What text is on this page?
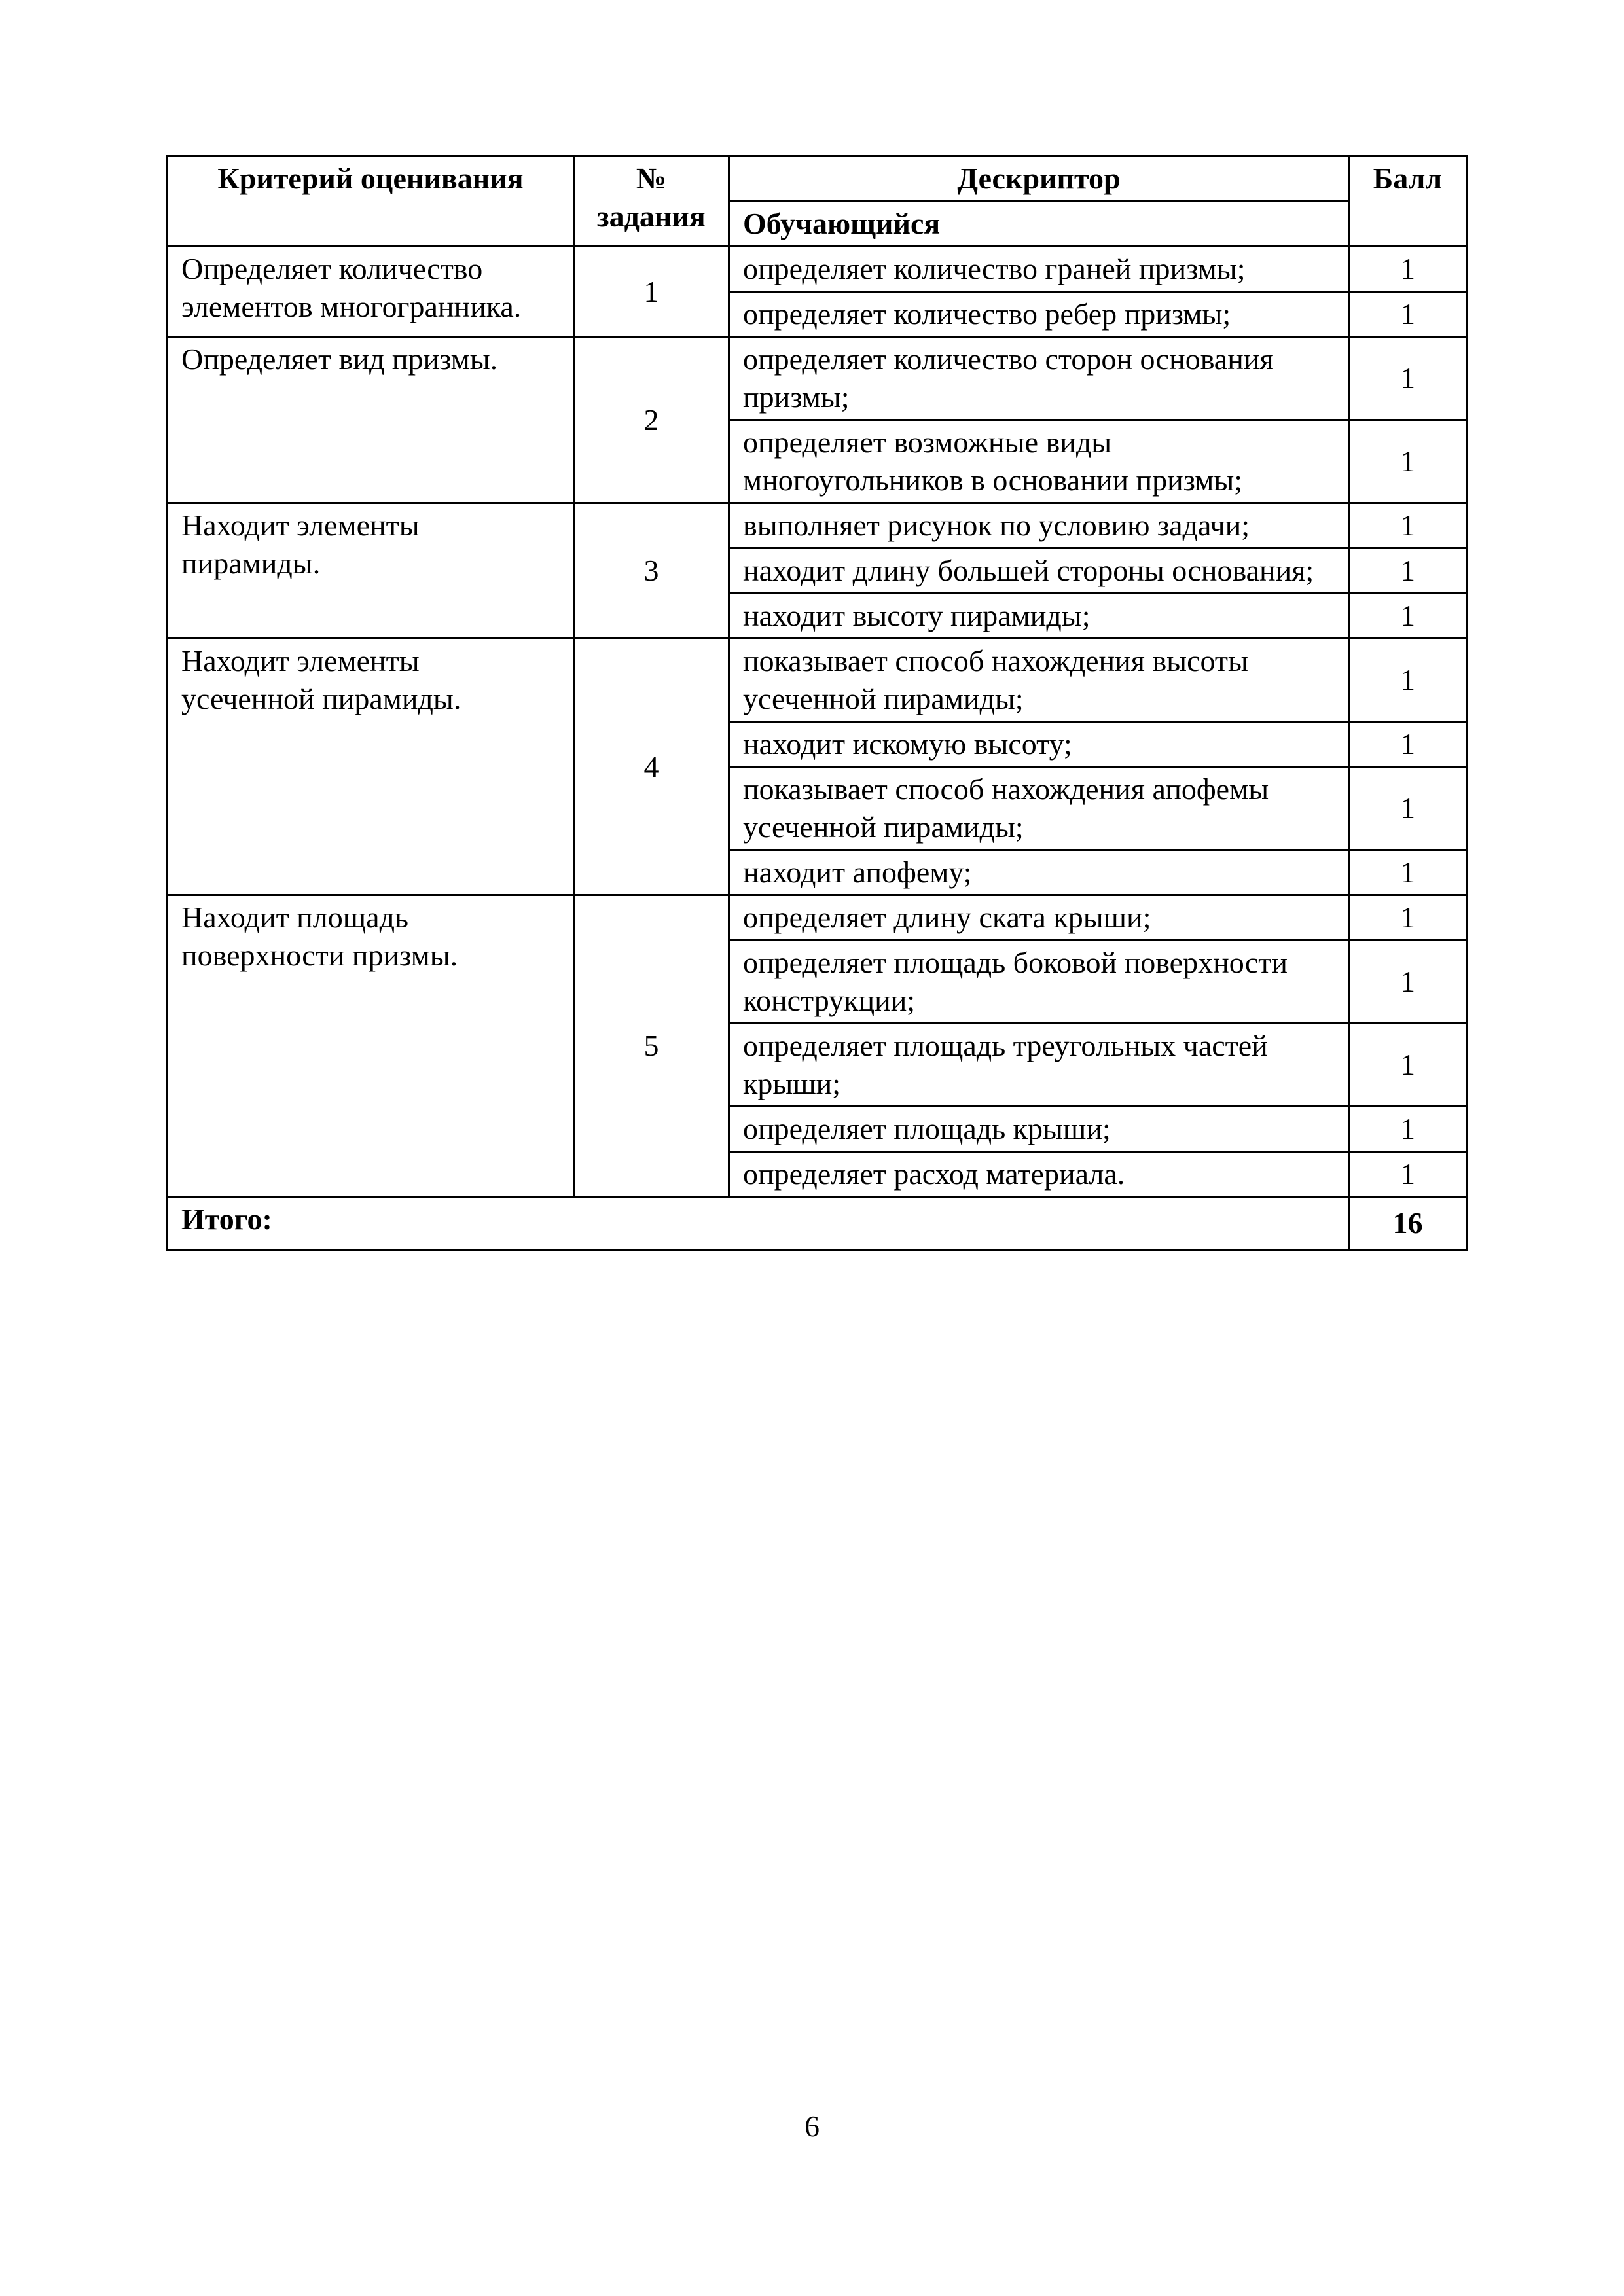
Критерий оценивания	№ задания	Дескриптор	Балл
		Обучающийся	
Определяет количество элементов многогранника.	1	определяет количество граней призмы;	1
		определяет количество ребер призмы;	1
Определяет вид призмы.	2	определяет количество сторон основания призмы;	1
		определяет возможные виды многоугольников в основании призмы;	1
Находит элементы пирамиды.	3	выполняет рисунок по условию задачи;	1
		находит длину большей стороны основания;	1
		находит высоту пирамиды;	1
Находит элементы усеченной пирамиды.	4	показывает способ нахождения высоты усеченной пирамиды;	1
		находит искомую высоту;	1
		показывает способ нахождения апофемы усеченной пирамиды;	1
		находит апофему;	1
Находит площадь поверхности призмы.	5	определяет длину ската крыши;	1
		определяет площадь боковой поверхности конструкции;	1
		определяет площадь треугольных частей крыши;	1
		определяет площадь крыши;	1
		определяет расход материала.	1
Итого:			16
6
